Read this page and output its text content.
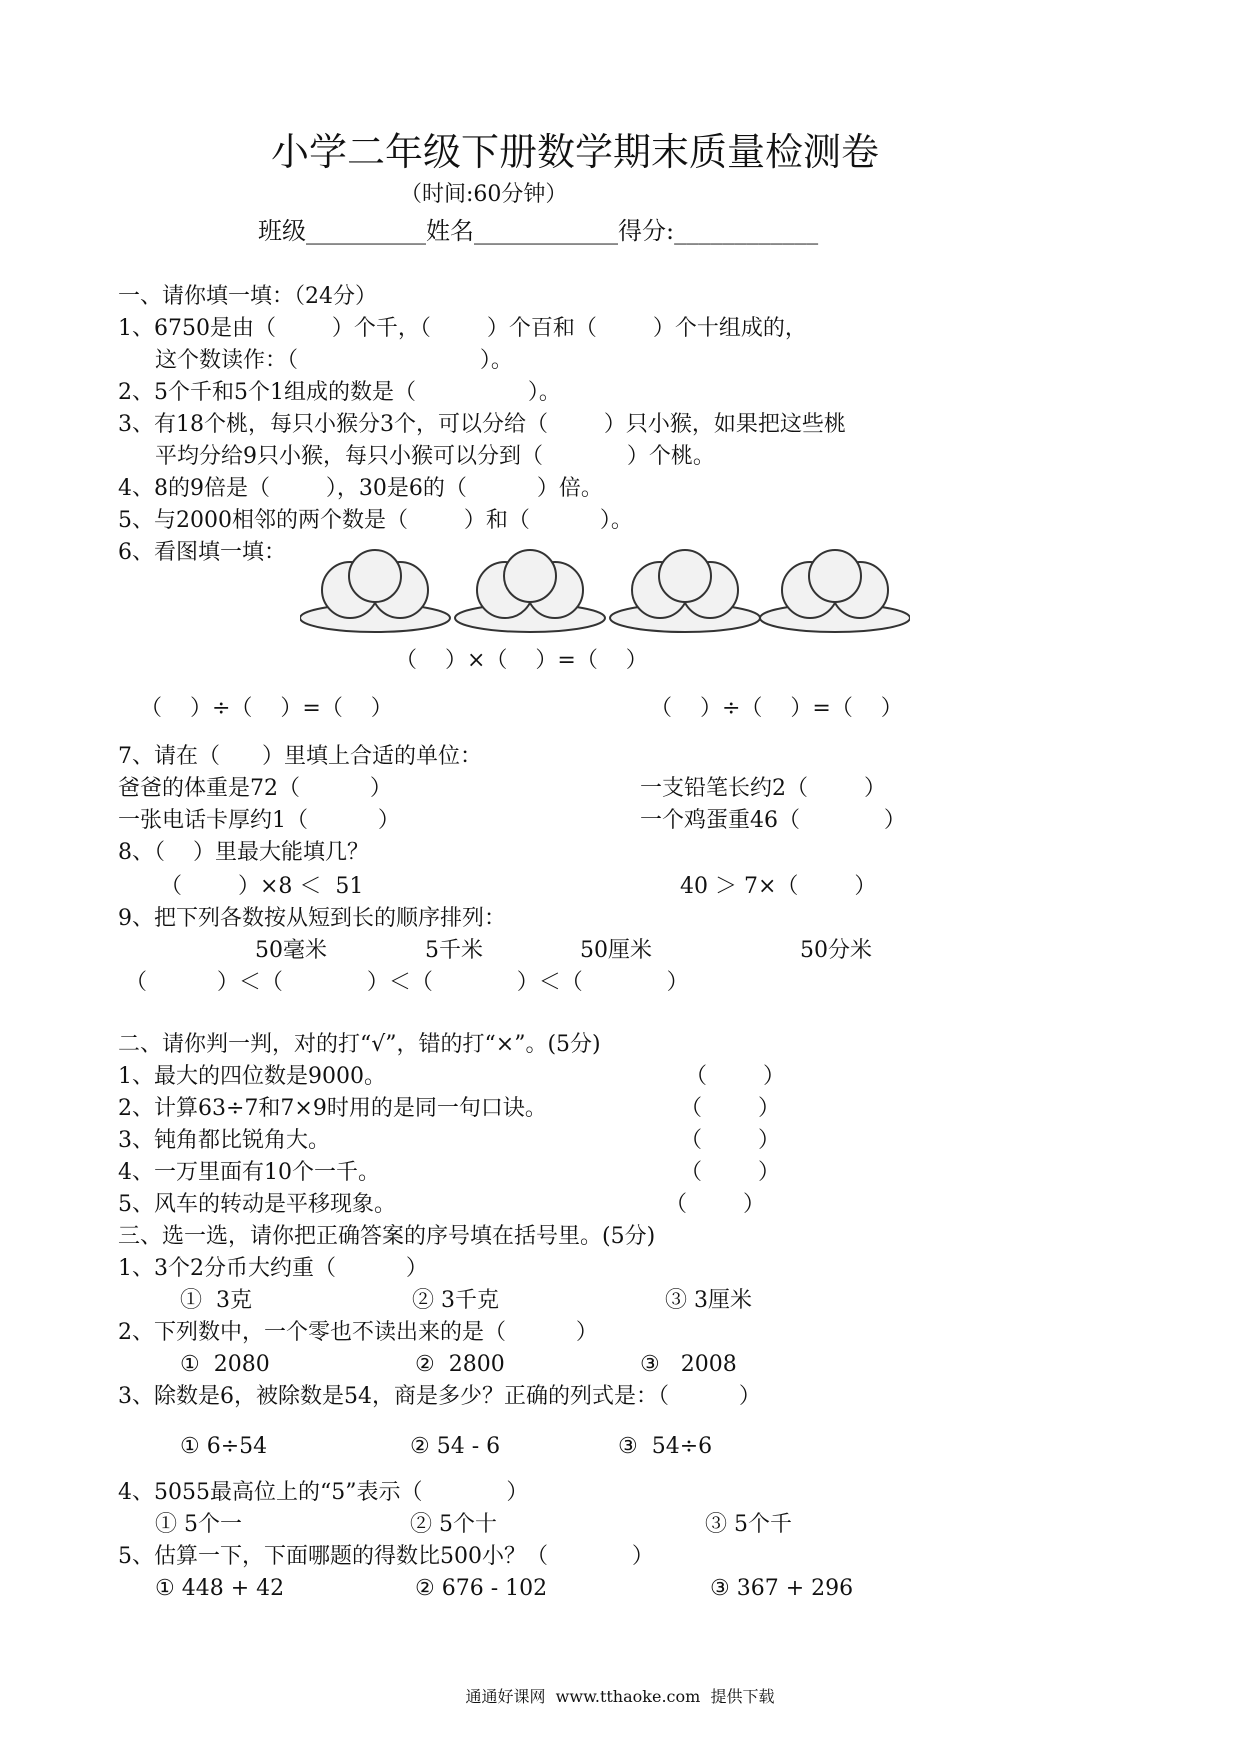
小学二年级下册数学期末质量检测卷
（时间:60分钟）
班级__________姓名____________得分:____________
一、请你填一填：（24分）
1、6750是由（        ）个千，（        ）个百和（        ）个十组成的，
这个数读作：（                          ）。
2、5个千和5个1组成的数是（                ）。
3、有18个桃，每只小猴分3个，可以分给（        ）只小猴，如果把这些桃
平均分给9只小猴，每只小猴可以分到（            ）个桃。
4、8的9倍是（        ），30是6的（          ）倍。
5、与2000相邻的两个数是（        ）和（          ）。
6、看图填一填：
（    ）×（    ）=（    ）
（    ）÷（    ）=（    ）	（    ）÷（    ）=（    ）
7、请在（      ）里填上合适的单位：
爸爸的体重是72（          ）	一支铅笔长约2（        ）
一张电话卡厚约1（          ）	一个鸡蛋重46（            ）
8、（    ）里最大能填几？
（        ）×8 ＜  51	40 ＞ 7×（        ）
9、把下列各数按从短到长的顺序排列：
50毫米	5千米	50厘米	50分米
（          ）＜（            ）＜（            ）＜（            ）
二、请你判一判，对的打“√”，错的打“×”。(5分)
1、最大的四位数是9000。	（        ）
2、计算63÷7和7×9时用的是同一句口诀。	（        ）
3、钝角都比锐角大。	（        ）
4、一万里面有10个一千。	（        ）
5、风车的转动是平移现象。	（        ）
三、选一选，请你把正确答案的序号填在括号里。(5分)
1、3个2分币大约重（          ）
①  3克	② 3千克	③ 3厘米
2、下列数中，一个零也不读出来的是（          ）
①  2080	②  2800	③   2008
3、除数是6，被除数是54，商是多少？正确的列式是：（          ）
① 6÷54	② 54 - 6	③  54÷6
4、5055最高位上的“5”表示（            ）
① 5个一	② 5个十	③ 5个千
5、估算一下，下面哪题的得数比500小？（            ）
① 448 + 42	② 676 - 102	③ 367 + 296
通通好课网  www.tthaoke.com  提供下载
